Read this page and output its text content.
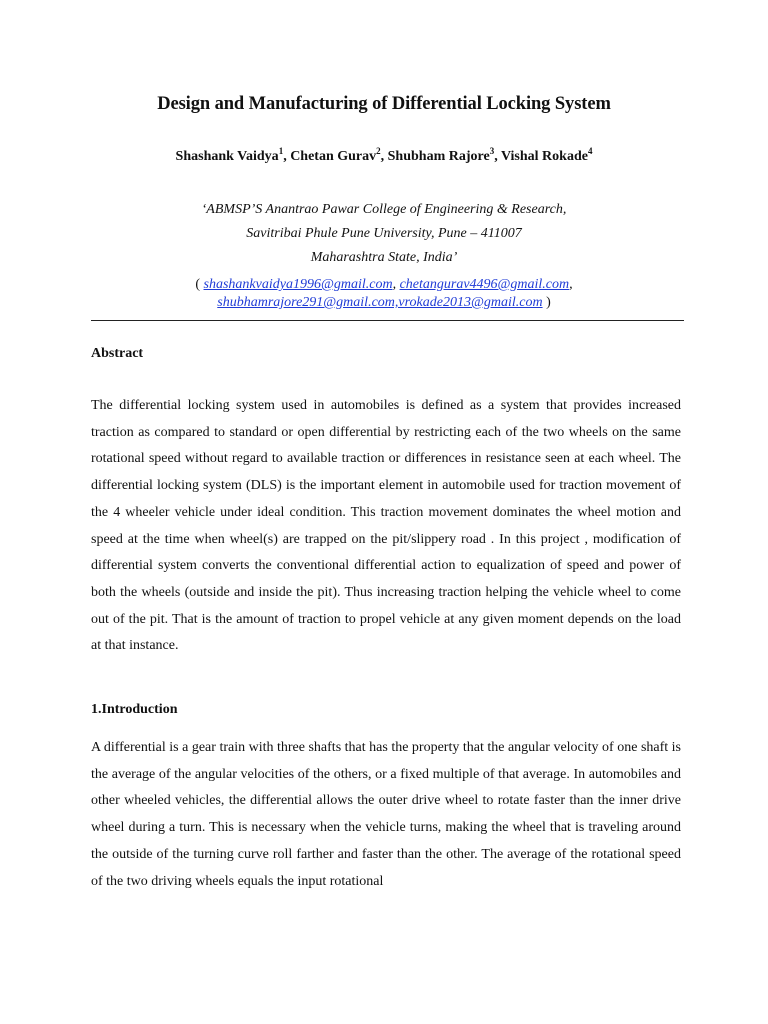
Design and Manufacturing of Differential Locking System
Shashank Vaidya$^1$, Chetan Gurav$^2$, Shubham Rajore$^3$, Vishal Rokade$^4$
‘ABMSP’S Anantrao Pawar College of Engineering & Research,
Savitribai Phule Pune University, Pune – 411007
Maharashtra State, India’
( shashankvaidya1996@gmail.com, chetangurav4496@gmail.com,
shubhamrajore291@gmail.com,vrokade2013@gmail.com )
Abstract
The differential locking system used in automobiles is defined as a system that provides increased traction as compared to standard or open differential by restricting each of the two wheels on the same rotational speed without regard to available traction or differences in resistance seen at each wheel. The differential locking system (DLS) is the important element in automobile used for traction movement of the 4 wheeler vehicle under ideal condition. This traction movement dominates the wheel motion and speed at the time when wheel(s) are trapped on the pit/slippery road . In this project , modification of differential system converts the conventional differential action to equalization of speed and power of both the wheels (outside and inside the pit). Thus increasing traction helping the vehicle wheel to come out of the pit. That is the amount of traction to propel vehicle at any given moment depends on the load at that instance.
1.Introduction
A differential is a gear train with three shafts that has the property that the angular velocity of one shaft is the average of the angular velocities of the others, or a fixed multiple of that average. In automobiles and other wheeled vehicles, the differential allows the outer drive wheel to rotate faster than the inner drive wheel during a turn. This is necessary when the vehicle turns, making the wheel that is traveling around the outside of the turning curve roll farther and faster than the other. The average of the rotational speed of the two driving wheels equals the input rotational
